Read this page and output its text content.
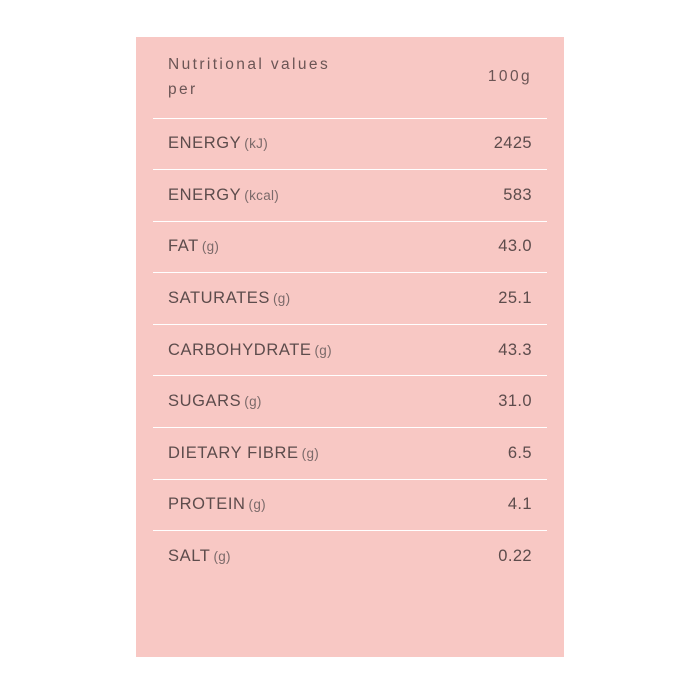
Nutritional values per	100g
ENERGY (kJ)	2425
ENERGY (kcal)	583
FAT (g)	43.0
SATURATES (g)	25.1
CARBOHYDRATE (g)	43.3
SUGARS (g)	31.0
DIETARY FIBRE (g)	6.5
PROTEIN (g)	4.1
SALT (g)	0.22
